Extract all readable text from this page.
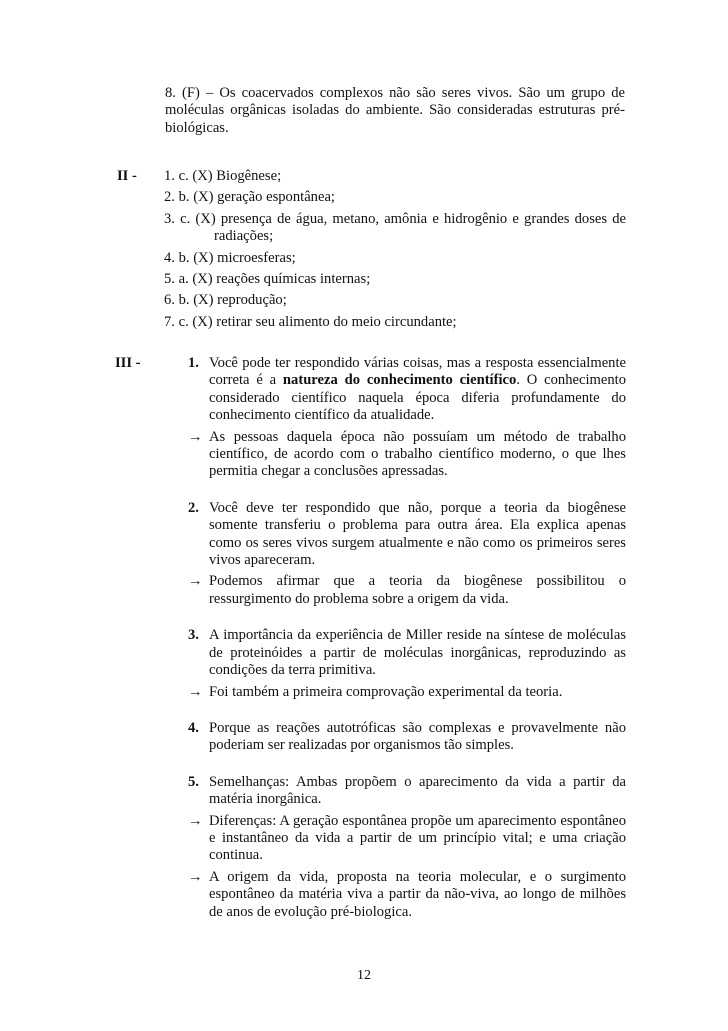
8. (F) – Os coacervados complexos não são seres vivos. São um grupo de moléculas orgânicas isoladas do ambiente. São consideradas estruturas pré-biológicas.
II - 1. c. (X) Biogênese;
2. b. (X) geração espontânea;
3. c. (X) presença de água, metano, amônia e hidrogênio e grandes doses de radiações;
4. b. (X) microesferas;
5. a. (X) reações químicas internas;
6. b. (X) reprodução;
7. c. (X) retirar seu alimento do meio circundante;
III -	1. Você pode ter respondido várias coisas, mas a resposta essencialmente correta é a natureza do conhecimento científico. O conhecimento considerado científico naquela época diferia profundamente do conhecimento científico da atualidade.
→ As pessoas daquela época não possuíam um método de trabalho científico, de acordo com o trabalho científico moderno, o que lhes permitia chegar a conclusões apressadas.
2. Você deve ter respondido que não, porque a teoria da biogênese somente transferiu o problema para outra área. Ela explica apenas como os seres vivos surgem atualmente e não como os primeiros seres vivos apareceram.
→ Podemos afirmar que a teoria da biogênese possibilitou o ressurgimento do problema sobre a origem da vida.
3. A importância da experiência de Miller reside na síntese de moléculas de proteinóides a partir de moléculas inorgânicas, reproduzindo as condições da terra primitiva.
→ Foi também a primeira comprovação experimental da teoria.
4. Porque as reações autotróficas são complexas e provavelmente não poderiam ser realizadas por organismos tão simples.
5. Semelhanças: Ambas propõem o aparecimento da vida a partir da matéria inorgânica.
→ Diferenças: A geração espontânea propõe um aparecimento espontâneo e instantâneo da vida a partir de um princípio vital; e uma criação continua.
→ A origem da vida, proposta na teoria molecular, e o surgimento espontâneo da matéria viva a partir da não-viva, ao longo de milhões de anos de evolução pré-biologica.
12
